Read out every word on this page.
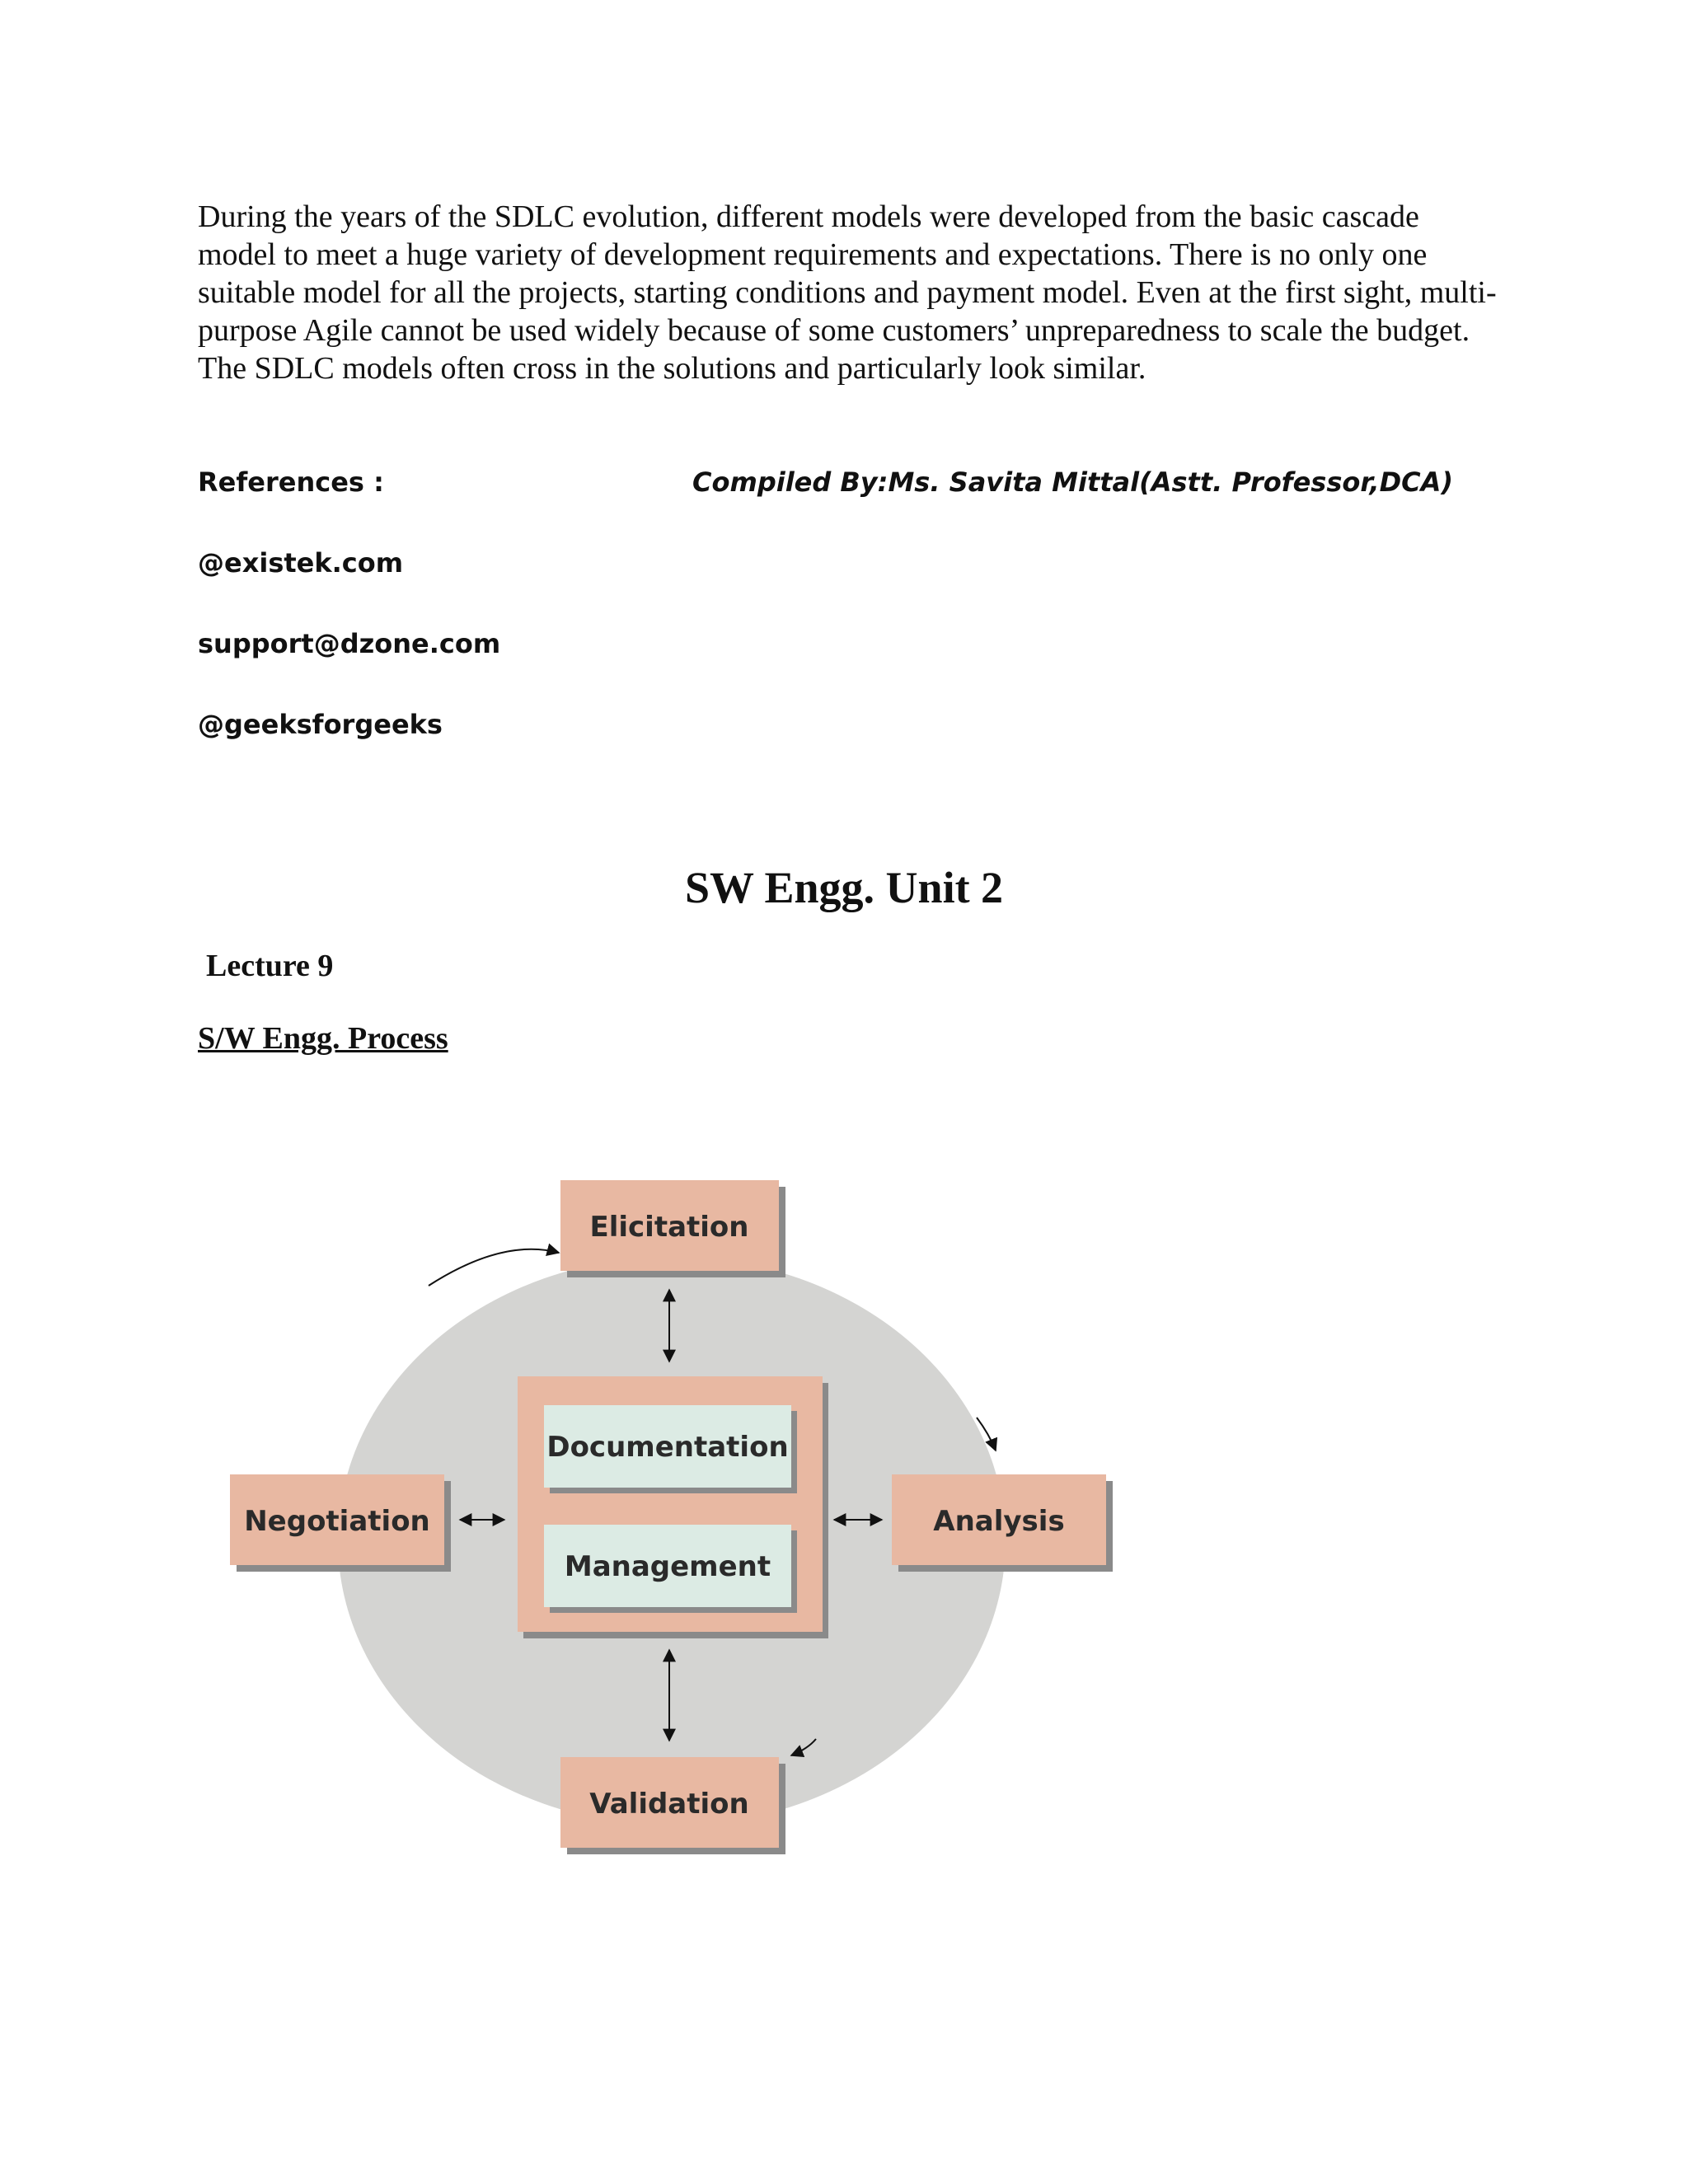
During the years of the SDLC evolution, different models were developed from the basic cascade model to meet a huge variety of development requirements and expectations. There is no only one suitable model for all the projects, starting conditions and payment model. Even at the first sight, multi-purpose Agile cannot be used widely because of some customers’ unpreparedness to scale the budget. The SDLC models often cross in the solutions and particularly look similar.

References :	Compiled By:Ms. Savita Mittal(Astt. Professor,DCA)
@existek.com
support@dzone.com
@geeksforgeeks
SW Engg. Unit 2
Lecture 9
S/W Engg. Process
Documentation
Management
Elicitation
Negotiation	Analysis
Validation
